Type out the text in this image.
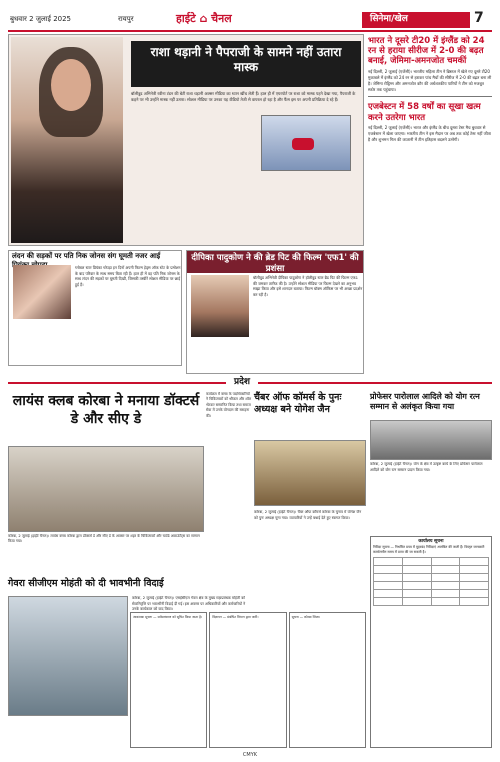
बुधवार 2 जुलाई 2025	रायपुर	हाईटे ⌂ चैनल	सिनेमा/खेल	7
राशा थड़ानी ने पैपराजी के सामने नहीं उतारा मास्क
बॉलीवुड अभिनेत्री रवीना टंडन की बेटी राशा थड़ानी अक्सर मीडिया का ध्यान खींच लेती हैं। हाल ही में एयरपोर्ट पर राशा को मास्क पहने देखा गया, पैपराजी के कहने पर भी उन्होंने मास्क नहीं उतारा। सोशल मीडिया पर उनका यह वीडियो तेजी से वायरल हो रहा है और फैंस इस पर अपनी प्रतिक्रिया दे रहे हैं।
भारत ने दूसरे टी20 में इंग्लैंड को 24 रन से हराया सीरीज में 2-0 की बढ़त बनाई, जेमिमा-अमनजोत चमकीं
नई दिल्ली, 2 जुलाई (एजेंसी)। भारतीय महिला टीम ने ब्रिस्टल में खेले गए दूसरे टी20 मुकाबले में इंग्लैंड को 24 रन से हराकर पांच मैचों की सीरीज में 2-0 की बढ़त बना ली है। जेमिमा रोड्रिग्स और अमनजोत कौर की अर्धशतकीय पारियों ने टीम को मजबूत स्कोर तक पहुंचाया।
एजबेस्टन में 58 वर्षों का सूखा खत्म करने उतरेगा भारत
नई दिल्ली, 2 जुलाई (एजेंसी)। भारत और इंग्लैंड के बीच दूसरा टेस्ट मैच बुधवार से एजबेस्टन में खेला जाएगा। भारतीय टीम ने इस मैदान पर अब तक कोई टेस्ट नहीं जीता है और शुभमन गिल की कप्तानी में टीम इतिहास बदलने उतरेगी।
लंदन की सड़कों पर पति निक जोनस संग घूमती नजर आई
ग्लोबल स्टार प्रियंका चोपड़ा इन दिनों अपनी फिल्म हेड्स ऑफ स्टेट के प्रमोशन के बाद परिवार के साथ समय बिता रही हैं। हाल ही में वह पति निक जोनस के साथ लंदन की सड़कों पर घूमती दिखीं, जिसकी तस्वीरें सोशल मीडिया पर छाई हुई हैं।
दीपिका पादुकोण ने की ब्रेड पिट की फिल्म 'एफ1' की प्रशंसा
बॉलीवुड अभिनेत्री दीपिका पादुकोण ने हॉलीवुड स्टार ब्रैड पिट की फिल्म एफ1 की जमकर तारीफ की है। उन्होंने सोशल मीडिया पर फिल्म देखने का अनुभव साझा किया और इसे शानदार बताया। फिल्म बॉक्स ऑफिस पर भी अच्छा प्रदर्शन कर रही है।
प्रदेश
लायंस क्लब कोरबा ने मनाया डॉक्टर्स डे और सीए डे
कोरबा, 2 जुलाई (हाईटे चैनल)। लायंस क्लब कोरबा द्वारा डॉक्टर्स डे और सीए डे के अवसर पर शहर के चिकित्सकों और चार्टर्ड अकाउंटेंट्स का सम्मान किया गया।
कार्यक्रम में क्लब के पदाधिकारियों ने चिकित्सकों को श्रीफल और शॉल भेंटकर सम्मानित किया तथा समाज सेवा में उनके योगदान की सराहना की।
गेवरा सीजीएम मोहंती को दी भावभीनी विदाई
कोरबा, 2 जुलाई (हाईटे चैनल)। एसईसीएल गेवरा क्षेत्र के मुख्य महाप्रबंधक मोहंती को सेवानिवृत्ति पर भावभीनी विदाई दी गई। इस अवसर पर अधिकारियों और कर्मचारियों ने उनके कार्यकाल को याद किया।
चैंबर ऑफ कॉमर्स के पुनः अध्यक्ष बने योगेश जैन
कोरबा, 2 जुलाई (हाईटे चैनल)। चैंबर ऑफ कॉमर्स कोरबा के चुनाव में योगेश जैन को पुनः अध्यक्ष चुना गया। व्यापारियों ने उन्हें बधाई देते हुए स्वागत किया।
प्रोफेसर पारोलाल आदिले को योग रत्न सम्मान से अलंकृत किया गया
कोरबा, 2 जुलाई (हाईटे चैनल)। योग के क्षेत्र में उत्कृष्ट कार्य के लिए प्रोफेसर पारोलाल आदिले को योग रत्न सम्मान प्रदान किया गया।
कार्यालय सूचना
निविदा सूचना — निर्धारित प्रपत्र में मुहरबंद निविदाएं आमंत्रित की जाती हैं। विस्तृत जानकारी कार्यालयीन समय में प्राप्त की जा सकती है।

आवश्यक सूचना — सर्वसाधारण को सूचित किया जाता है।	विज्ञापन — संबंधित विभाग द्वारा जारी।	सूचना — कोरबा जिला।
CMYK
